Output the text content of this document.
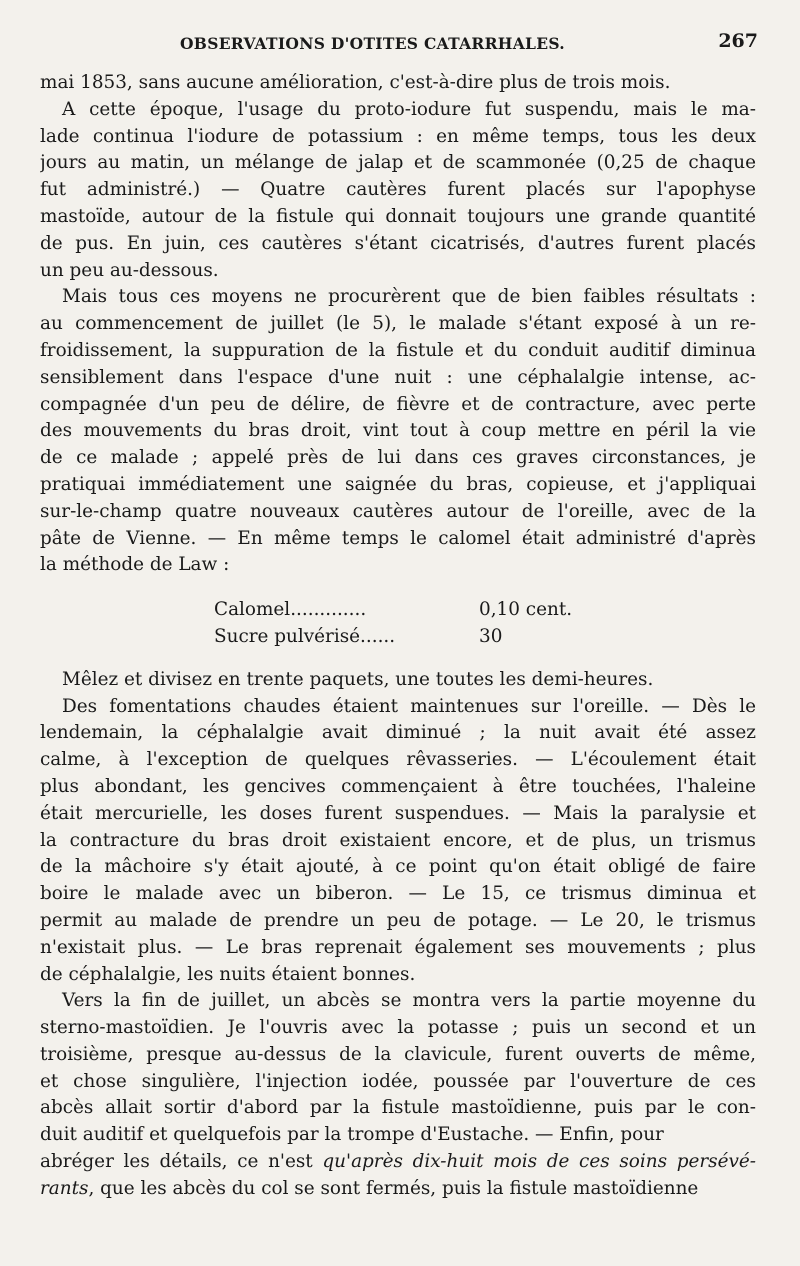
OBSERVATIONS D'OTITES CATARRHALES.	267
mai 1853, sans aucune amélioration, c'est-à-dire plus de trois mois.
A cette époque, l'usage du proto-iodure fut suspendu, mais le ma-
lade continua l'iodure de potassium : en même temps, tous les deux
jours au matin, un mélange de jalap et de scammonée (0,25 de chaque
fut administré.) — Quatre cautères furent placés sur l'apophyse
mastoïde, autour de la fistule qui donnait toujours une grande quantité
de pus. En juin, ces cautères s'étant cicatrisés, d'autres furent placés
un peu au-dessous.
Mais tous ces moyens ne procurèrent que de bien faibles résultats :
au commencement de juillet (le 5), le malade s'étant exposé à un re-
froidissement, la suppuration de la fistule et du conduit auditif diminua
sensiblement dans l'espace d'une nuit : une céphalalgie intense, ac-
compagnée d'un peu de délire, de fièvre et de contracture, avec perte
des mouvements du bras droit, vint tout à coup mettre en péril la vie
de ce malade ; appelé près de lui dans ces graves circonstances, je
pratiquai immédiatement une saignée du bras, copieuse, et j'appliquai
sur-le-champ quatre nouveaux cautères autour de l'oreille, avec de la
pâte de Vienne. — En même temps le calomel était administré d'après
la méthode de Law :
Calomel.............	0,10 cent.
Sucre pulvérisé......	30
Mêlez et divisez en trente paquets, une toutes les demi-heures.
Des fomentations chaudes étaient maintenues sur l'oreille. — Dès le
lendemain, la céphalalgie avait diminué ; la nuit avait été assez
calme, à l'exception de quelques rêvasseries. — L'écoulement était
plus abondant, les gencives commençaient à être touchées, l'haleine
était mercurielle, les doses furent suspendues. — Mais la paralysie et
la contracture du bras droit existaient encore, et de plus, un trismus
de la mâchoire s'y était ajouté, à ce point qu'on était obligé de faire
boire le malade avec un biberon. — Le 15, ce trismus diminua et
permit au malade de prendre un peu de potage. — Le 20, le trismus
n'existait plus. — Le bras reprenait également ses mouvements ; plus
de céphalalgie, les nuits étaient bonnes.
Vers la fin de juillet, un abcès se montra vers la partie moyenne du
sterno-mastoïdien. Je l'ouvris avec la potasse ; puis un second et un
troisième, presque au-dessus de la clavicule, furent ouverts de même,
et chose singulière, l'injection iodée, poussée par l'ouverture de ces
abcès allait sortir d'abord par la fistule mastoïdienne, puis par le con-
duit auditif et quelquefois par la trompe d'Eustache. — Enfin, pour
abréger les détails, ce n'est qu'après dix-huit mois de ces soins persévé-
rants, que les abcès du col se sont fermés, puis la fistule mastoïdienne
